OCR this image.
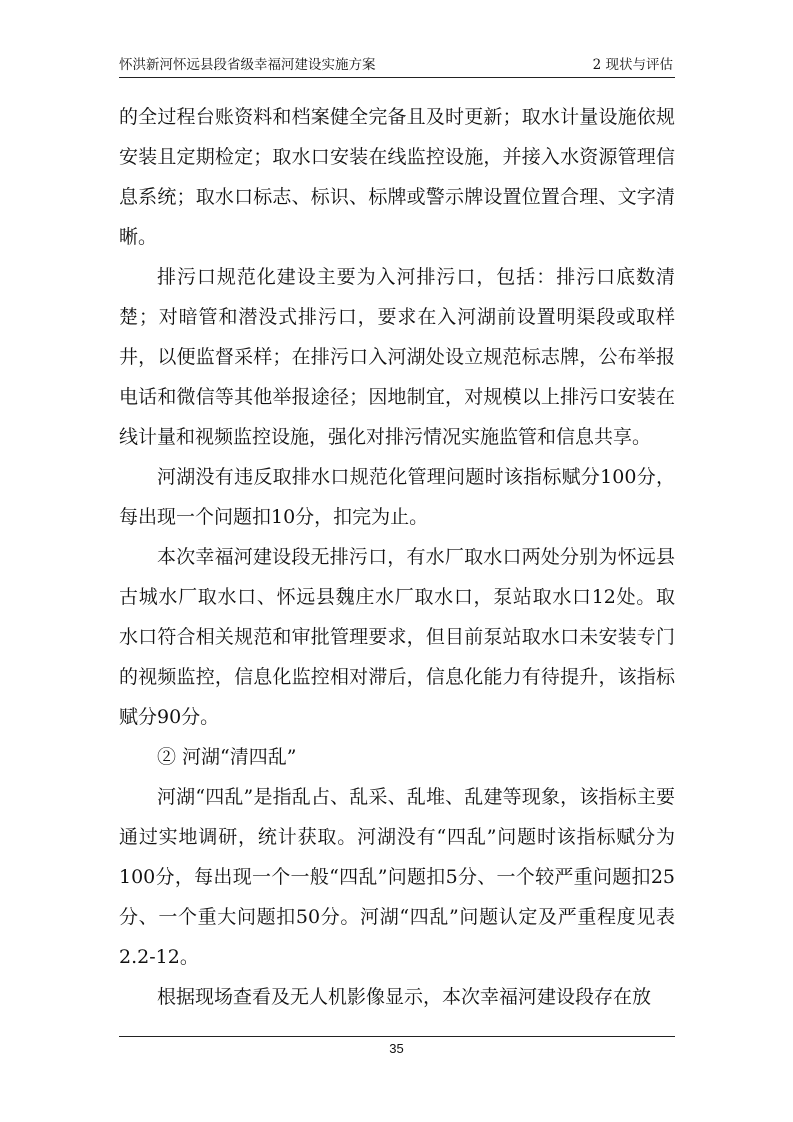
怀洪新河怀远县段省级幸福河建设实施方案	2 现状与评估

的全过程台账资料和档案健全完备且及时更新；取水计量设施依规安装且定期检定；取水口安装在线监控设施，并接入水资源管理信息系统；取水口标志、标识、标牌或警示牌设置位置合理、文字清晰。

排污口规范化建设主要为入河排污口，包括：排污口底数清楚；对暗管和潜没式排污口，要求在入河湖前设置明渠段或取样井，以便监督采样；在排污口入河湖处设立规范标志牌，公布举报电话和微信等其他举报途径；因地制宜，对规模以上排污口安装在线计量和视频监控设施，强化对排污情况实施监管和信息共享。

河湖没有违反取排水口规范化管理问题时该指标赋分100分，每出现一个问题扣10分，扣完为止。

本次幸福河建设段无排污口，有水厂取水口两处分别为怀远县古城水厂取水口、怀远县魏庄水厂取水口，泵站取水口12处。取水口符合相关规范和审批管理要求，但目前泵站取水口未安装专门的视频监控，信息化监控相对滞后，信息化能力有待提升，该指标赋分90分。

② 河湖“清四乱”

河湖“四乱”是指乱占、乱采、乱堆、乱建等现象，该指标主要通过实地调研，统计获取。河湖没有“四乱”问题时该指标赋分为100分，每出现一个一般“四乱”问题扣5分、一个较严重问题扣25分、一个重大问题扣50分。河湖“四乱”问题认定及严重程度见表2.2-12。

根据现场查看及无人机影像显示，本次幸福河建设段存在放

35
